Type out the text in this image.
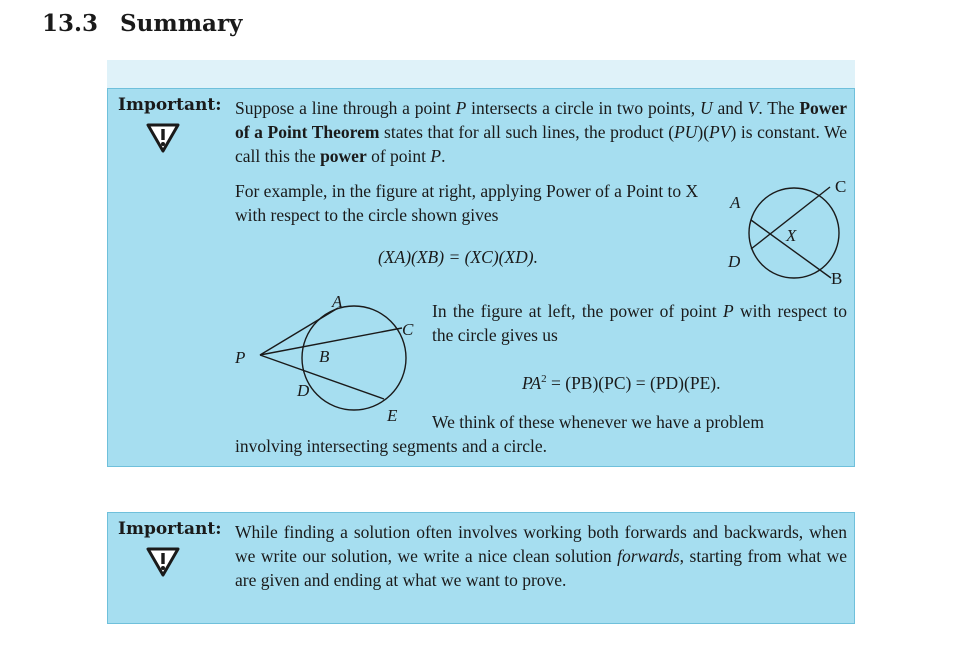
13.3 Summary
Important: Suppose a line through a point P intersects a circle in two points, U and V. The Power of a Point Theorem states that for all such lines, the product (PU)(PV) is constant. We call this the power of point P.
For example, in the figure at right, applying Power of a Point to X with respect to the circle shown gives
(XA)(XB) = (XC)(XD).
A
B
C
D
X
A
B
C
D
E
P
In the figure at left, the power of point P with respect to the circle gives us
$PA^2 = (PB)(PC) = (PD)(PE)$.
We think of these whenever we have a problem
involving intersecting segments and a circle.
Important: While finding a solution often involves working both forwards and backwards, when we write our solution, we write a nice clean solution forwards, starting from what we are given and ending at what we want to prove.
